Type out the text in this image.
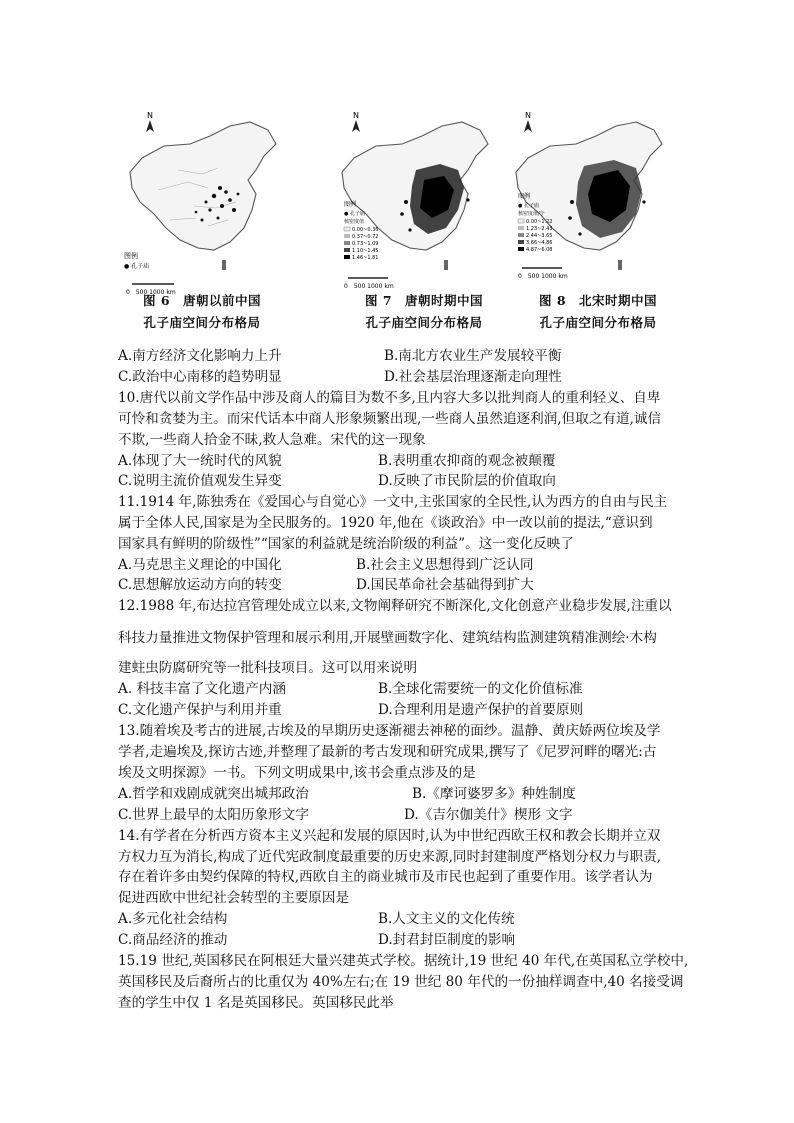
N
图例
● 孔子庙
0　500 1000 km
图 6　唐朝以前中国
孔子庙空间分布格局
N
图例
● 孔子庙
核密度值
0.00~0.36
0.37~0.72
0.73~1.09
1.10~1.45
1.46~1.81
0　500 1000 km
图 7　唐朝时期中国
孔子庙空间分布格局
N
图例
● 孔子庙
核密度值/个
0.00~1.22
1.23~2.43
2.44~3.65
3.66~4.86
4.87~6.08
0　500 1000 km
图 8　北宋时期中国
孔子庙空间分布格局
A.南方经济文化影响力上升	B.南北方农业生产发展较平衡
C.政治中心南移的趋势明显	D.社会基层治理逐渐走向理性
10.唐代以前文学作品中涉及商人的篇目为数不多,且内容大多以批判商人的重利轻义、自卑
可怜和贪婪为主。而宋代话本中商人形象频繁出现,一些商人虽然追逐利润,但取之有道,诚信
不欺,一些商人拾金不昧,救人急难。宋代的这一现象
A.体现了大一统时代的风貌	B.表明重农抑商的观念被颠覆
C.说明主流价值观发生异变	D.反映了市民阶层的价值取向
11.1914 年,陈独秀在《爱国心与自觉心》一文中,主张国家的全民性,认为西方的自由与民主
属于全体人民,国家是为全民服务的。1920 年,他在《谈政治》中一改以前的提法,“意识到
国家具有鲜明的阶级性”“国家的利益就是统治阶级的利益”。这一变化反映了
A.马克思主义理论的中国化	B.社会主义思想得到广泛认同
C.思想解放运动方向的转变	D.国民革命社会基础得到扩大
12.1988 年,布达拉宫管理处成立以来,文物阐释研究不断深化,文化创意产业稳步发展,注重以
科技力量推进文物保护管理和展示利用,开展壁画数字化、建筑结构监测建筑精准测绘·木构
建蛀虫防腐研究等一批科技项目。这可以用来说明
A. 科技丰富了文化遗产内涵	B.全球化需要统一的文化价值标准
C.文化遗产保护与利用并重	D.合理利用是遗产保护的首要原则
13.随着埃及考古的进展,古埃及的早期历史逐渐褪去神秘的面纱。温静、黄庆娇两位埃及学
学者,走遍埃及,探访古迹,并整理了最新的考古发现和研究成果,撰写了《尼罗河畔的曙光:古
埃及文明探源》一书。下列文明成果中,该书会重点涉及的是
A.哲学和戏剧成就突出城邦政治	B.《摩诃婆罗多》种姓制度
C.世界上最早的太阳历象形文字	D.《吉尔伽美什》楔形 文字
14.有学者在分析西方资本主义兴起和发展的原因时,认为中世纪西欧王权和教会长期并立双
方权力互为消长,构成了近代宪政制度最重要的历史来源,同时封建制度严格划分权力与职责,
存在着许多由契约保障的特权,西欧自主的商业城市及市民也起到了重要作用。该学者认为
促进西欧中世纪社会转型的主要原因是
A.多元化社会结构	B.人文主义的文化传统
C.商品经济的推动	D.封君封臣制度的影响
15.19 世纪,英国移民在阿根廷大量兴建英式学校。据统计,19 世纪 40 年代,在英国私立学校中,
英国移民及后裔所占的比重仅为 40%左右;在 19 世纪 80 年代的一份抽样调查中,40 名接受调
查的学生中仅 1 名是英国移民。英国移民此举
